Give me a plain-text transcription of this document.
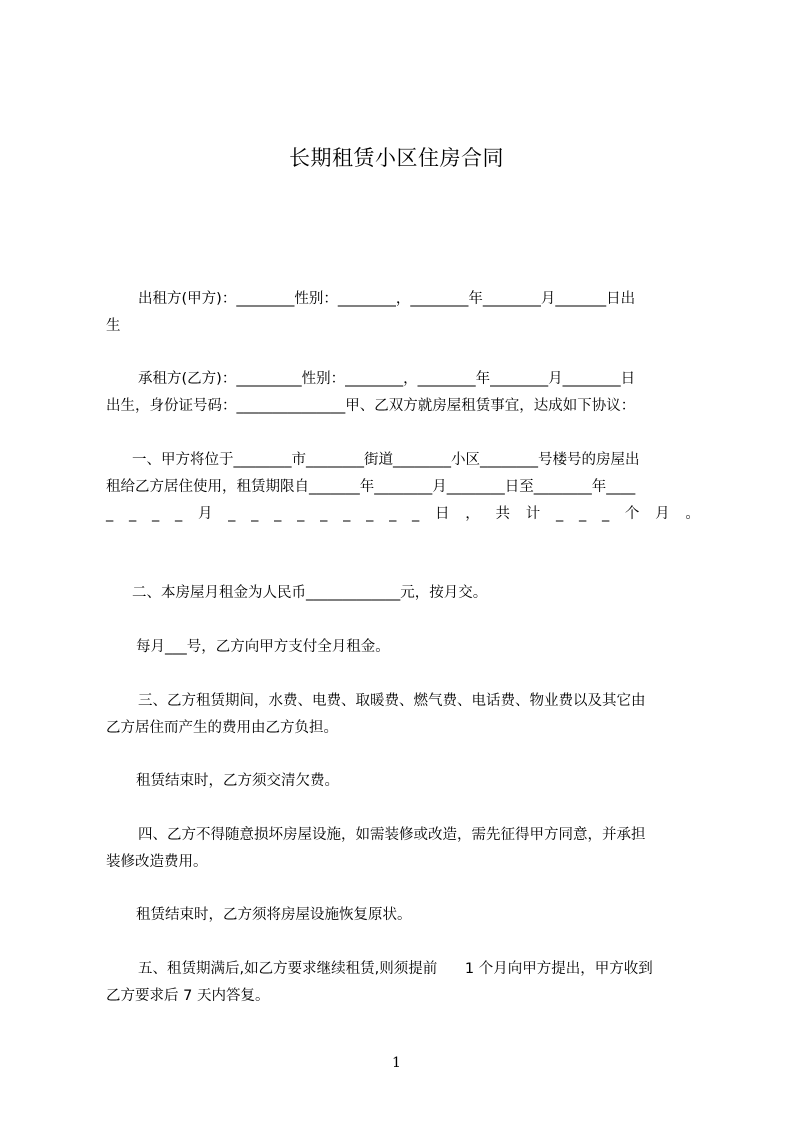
长期租赁小区住房合同
出租方(甲方)：________性别：________，________年________月_______日出
生
承租方(乙方)：_________性别：________，________年________月________日
出生，身份证号码：_______________甲、乙双方就房屋租赁事宜，达成如下协议：
一、甲方将位于________市________街道________小区________号楼号的房屋出
租给乙方居住使用，租赁期限自_______年________月________日至________年____
_ _ _ _ 月 _ _ _ _ _ _ _ _ _ 日 ， 共 计 _ _ _ 个 月 。
二、本房屋月租金为人民币_____________元，按月交。
每月___号，乙方向甲方支付全月租金。
三、乙方租赁期间，水费、电费、取暖费、燃气费、电话费、物业费以及其它由
乙方居住而产生的费用由乙方负担。
租赁结束时，乙方须交清欠费。
四、乙方不得随意损坏房屋设施，如需装修或改造，需先征得甲方同意，并承担
装修改造费用。
租赁结束时，乙方须将房屋设施恢复原状。
五、租赁期满后,如乙方要求继续租赁,则须提前      1 个月向甲方提出，甲方收到
乙方要求后 7 天内答复。
1
